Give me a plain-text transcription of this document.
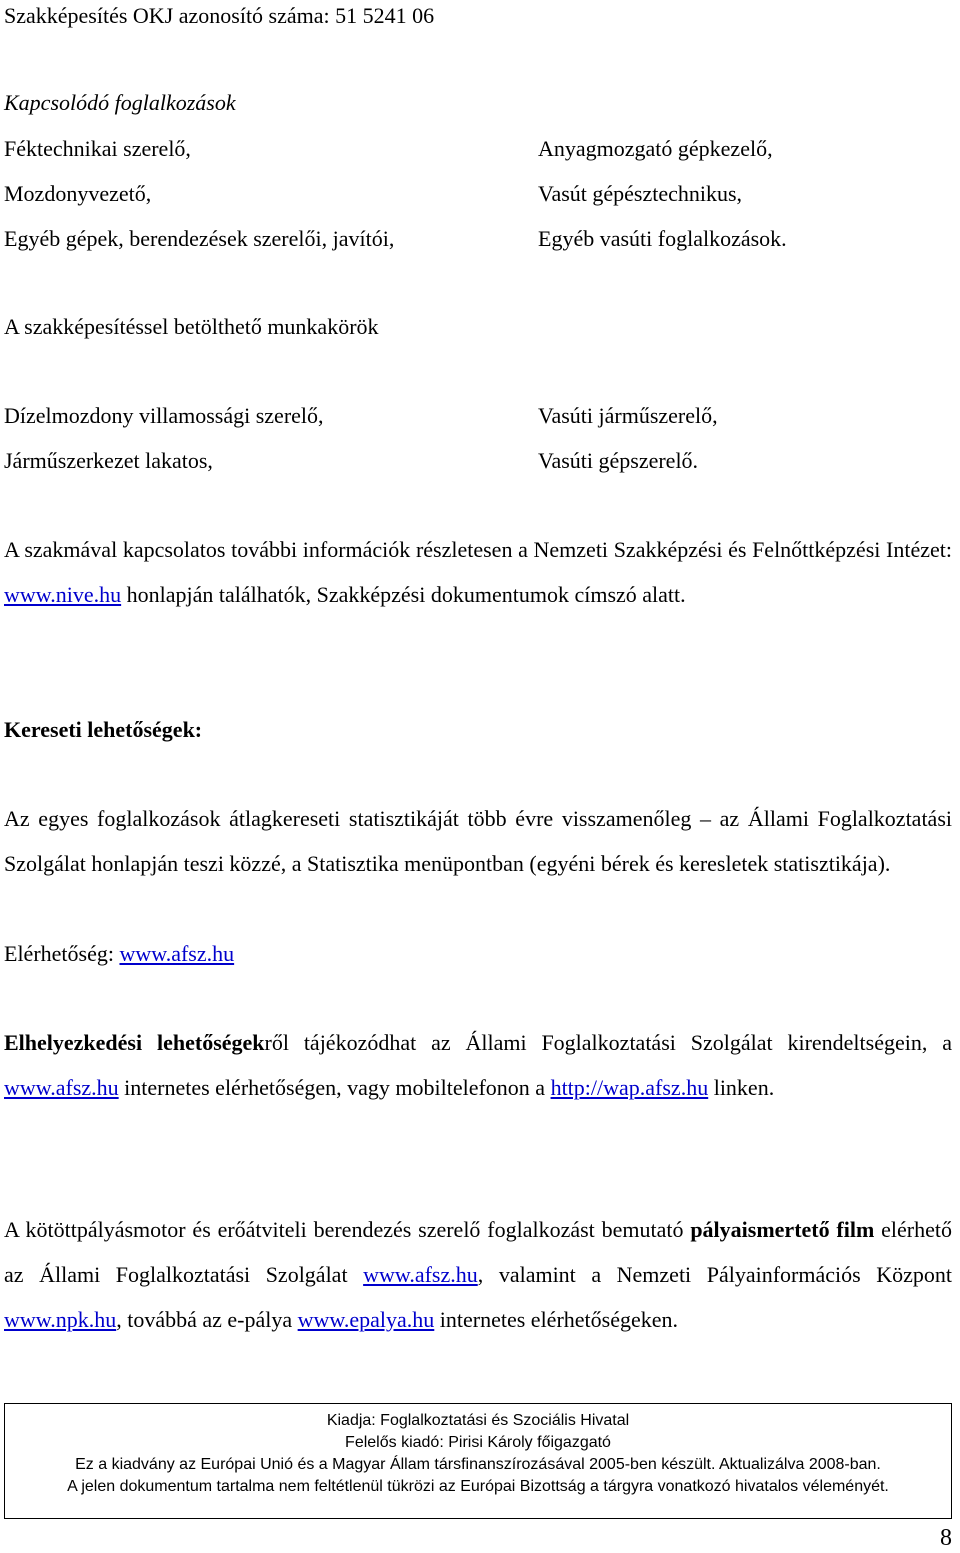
Szakképesítés OKJ azonosító száma: 51 5241 06
Kapcsolódó foglalkozások
Féktechnikai szerelő,
Mozdonyvezető,
Egyéb gépek, berendezések szerelői, javítói,
Anyagmozgató gépkezelő,
Vasút gépésztechnikus,
Egyéb vasúti foglalkozások.
A szakképesítéssel betölthető munkakörök
Dízelmozdony villamossági szerelő,
Járműszerkezet lakatos,
Vasúti járműszerelő,
Vasúti gépszerelő.
A szakmával kapcsolatos további információk részletesen a Nemzeti Szakképzési és Felnőttképzési Intézet: www.nive.hu honlapján találhatók, Szakképzési dokumentumok címszó alatt.
Kereseti lehetőségek:
Az egyes foglalkozások átlagkereseti statisztikáját több évre visszamenőleg – az Állami Foglalkoztatási Szolgálat honlapján teszi közzé, a Statisztika menüpontban (egyéni bérek és keresletek statisztikája).
Elérhetőség: www.afsz.hu
Elhelyezkedési lehetőségekről tájékozódhat az Állami Foglalkoztatási Szolgálat kirendeltségein, a www.afsz.hu internetes elérhetőségen, vagy mobiltelefonon a http://wap.afsz.hu linken.
A kötöttpályásmotor és erőátviteli berendezés szerelő foglalkozást bemutató pályaismertető film elérhető az Állami Foglalkoztatási Szolgálat www.afsz.hu, valamint a Nemzeti Pályainformációs Központ www.npk.hu, továbbá az e-pálya www.epalya.hu internetes elérhetőségeken.
Kiadja: Foglalkoztatási és Szociális Hivatal
Felelős kiadó: Pirisi Károly főigazgató
Ez a kiadvány az Európai Unió és a Magyar Állam társfinanszírozásával 2005-ben készült. Aktualizálva 2008-ban.
A jelen dokumentum tartalma nem feltétlenül tükrözi az Európai Bizottság a tárgyra vonatkozó hivatalos véleményét.
8
